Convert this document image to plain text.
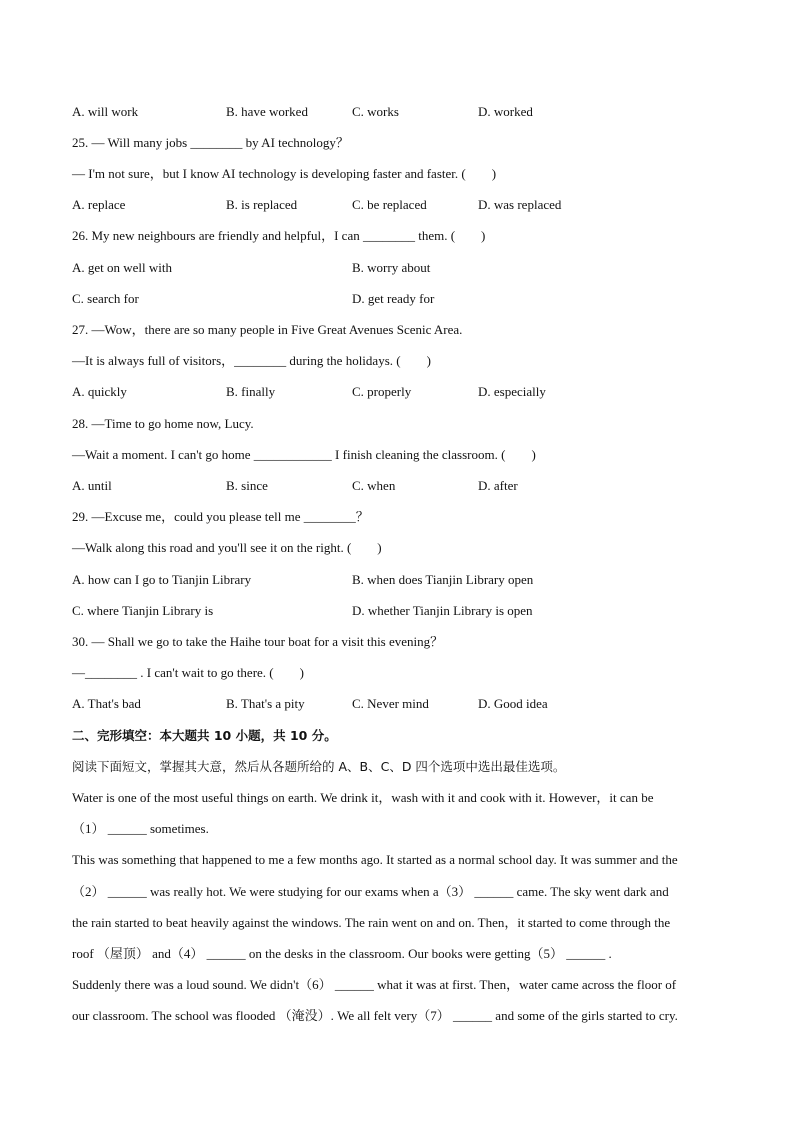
A. will work	B. have worked	C. works	D. worked
25. — Will many jobs ________ by AI technology？
— I'm not sure，but I know AI technology is developing faster and faster. (　　)
A. replace	B. is replaced	C. be replaced	D. was replaced
26. My new neighbours are friendly and helpful，I can ________ them. (　　)
A. get on well with	B. worry about
C. search for	D. get ready for
27. —Wow，there are so many people in Five Great Avenues Scenic Area.
—It is always full of visitors，________ during the holidays. (　　)
A. quickly	B. finally	C. properly	D. especially
28. —Time to go home now, Lucy.
—Wait a moment. I can't go home ____________ I finish cleaning the classroom. (　　)
A. until	B. since	C. when	D. after
29. —Excuse me，could you please tell me ________？
—Walk along this road and you'll see it on the right. (　　)
A. how can I go to Tianjin Library	B. when does Tianjin Library open
C. where Tianjin Library is	D. whether Tianjin Library is open
30. — Shall we go to take the Haihe tour boat for a visit this evening？
—________ . I can't wait to go there. (　　)
A. That's bad	B. That's a pity	C. Never mind	D. Good idea
二、完形填空：本大题共 10 小题，共 10 分。
阅读下面短文，掌握其大意，然后从各题所给的 A、B、C、D 四个选项中选出最佳选项。
Water is one of the most useful things on earth. We drink it，wash with it and cook with it. However，it can be
（1） ______ sometimes.
This was something that happened to me a few months ago. It started as a normal school day. It was summer and the
（2） ______ was really hot. We were studying for our exams when a（3） ______ came. The sky went dark and
the rain started to beat heavily against the windows. The rain went on and on. Then，it started to come through the
roof （屋顶） and（4） ______ on the desks in the classroom. Our books were getting（5） ______ .
Suddenly there was a loud sound. We didn't（6） ______ what it was at first. Then，water came across the floor of
our classroom. The school was flooded （淹没）. We all felt very（7） ______ and some of the girls started to cry.
